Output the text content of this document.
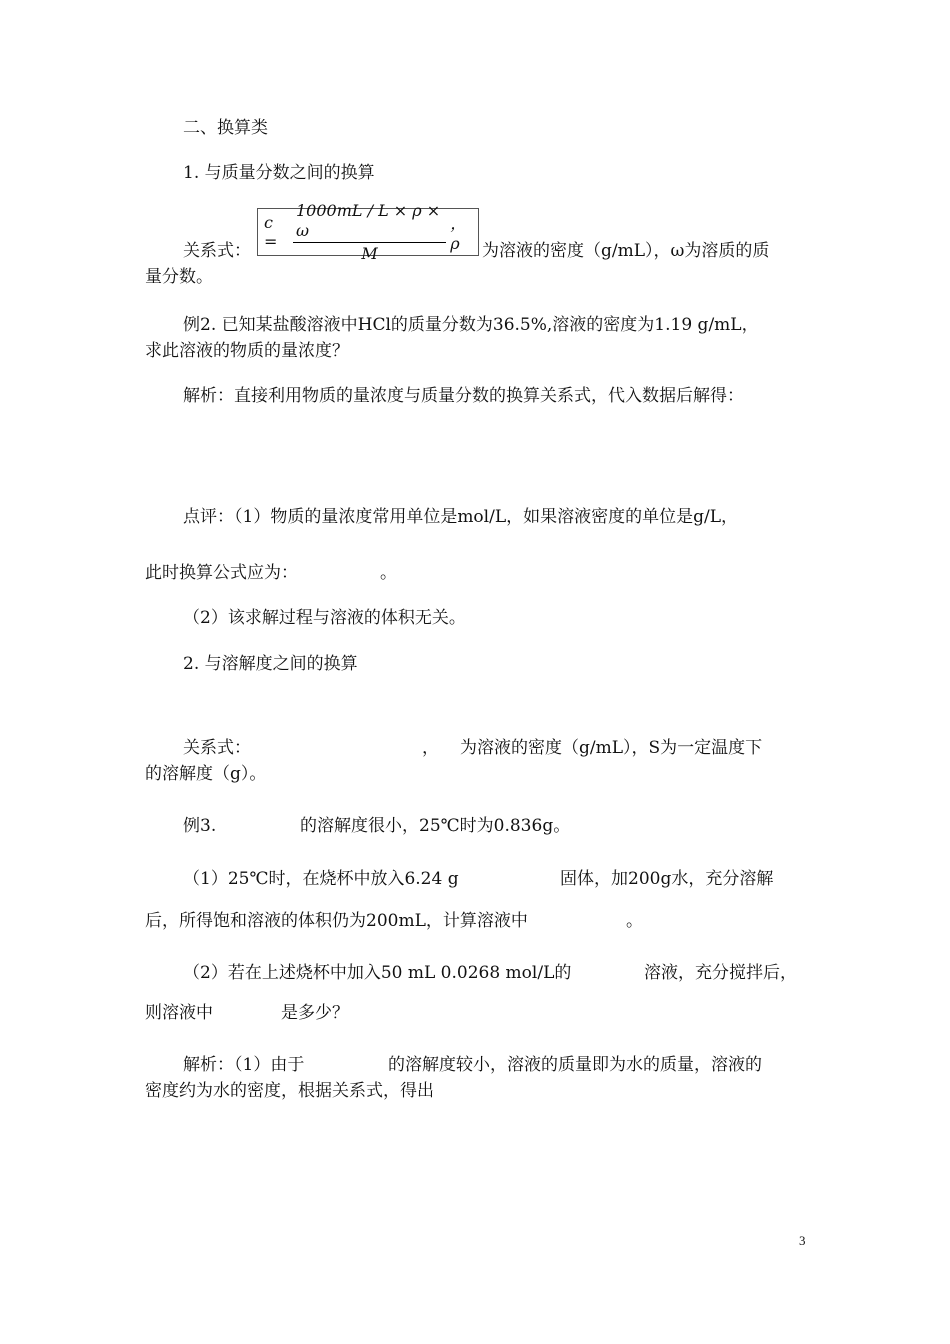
二、换算类
1. 与质量分数之间的换算
关系式：
$c = \frac{1000mL / L \times \rho \times \omega}{M}$ ， ρ	为溶液的密度（g/mL），ω为溶质的质
量分数。
例2. 已知某盐酸溶液中HCl的质量分数为36.5%,溶液的密度为1.19 g/mL，
求此溶液的物质的量浓度？
解析：直接利用物质的量浓度与质量分数的换算关系式，代入数据后解得：
点评：（1）物质的量浓度常用单位是mol/L，如果溶液密度的单位是g/L，
此时换算公式应为：	。
（2）该求解过程与溶液的体积无关。
2. 与溶解度之间的换算
关系式：	， 为溶液的密度（g/mL），S为一定温度下
的溶解度（g）。
例3.	的溶解度很小，25℃时为0.836g。
（1）25℃时，在烧杯中放入6.24 g	固体，加200g水，充分溶解
后，所得饱和溶液的体积仍为200mL，计算溶液中	。
（2）若在上述烧杯中加入50 mL 0.0268 mol/L的	溶液，充分搅拌后，
则溶液中	是多少？
解析：（1）由于	的溶解度较小，溶液的质量即为水的质量，溶液的
密度约为水的密度，根据关系式，得出
3
